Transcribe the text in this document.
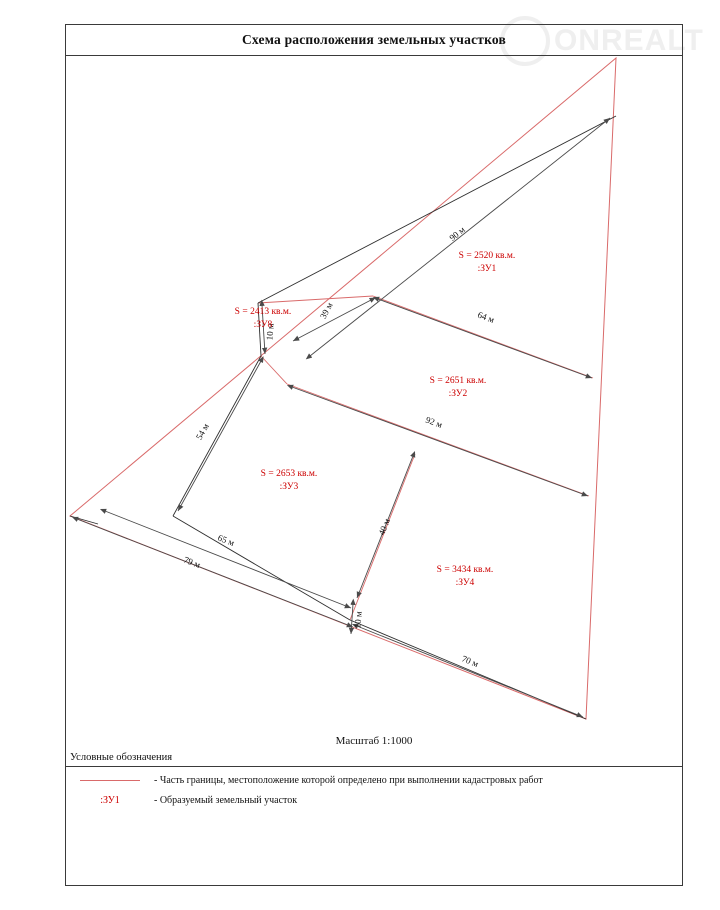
ONREALT
Схема расположения земельных участков
90 м
64 м
92 м
70 м
79 м
65 м
54 м
39 м
40 м
10 м
10 м
S = 2520 кв.м.
:ЗУ1
S = 2651 кв.м.
:ЗУ2
S = 2653 кв.м.
:ЗУ3
S = 3434 кв.м.
:ЗУ4
S = 2413 кв.м.
:ЗУ8
Масштаб 1:1000
Условные обозначения
- Часть границы, местоположение которой определено при выполнении кадастровых работ
:ЗУ1	- Образуемый земельный участок
